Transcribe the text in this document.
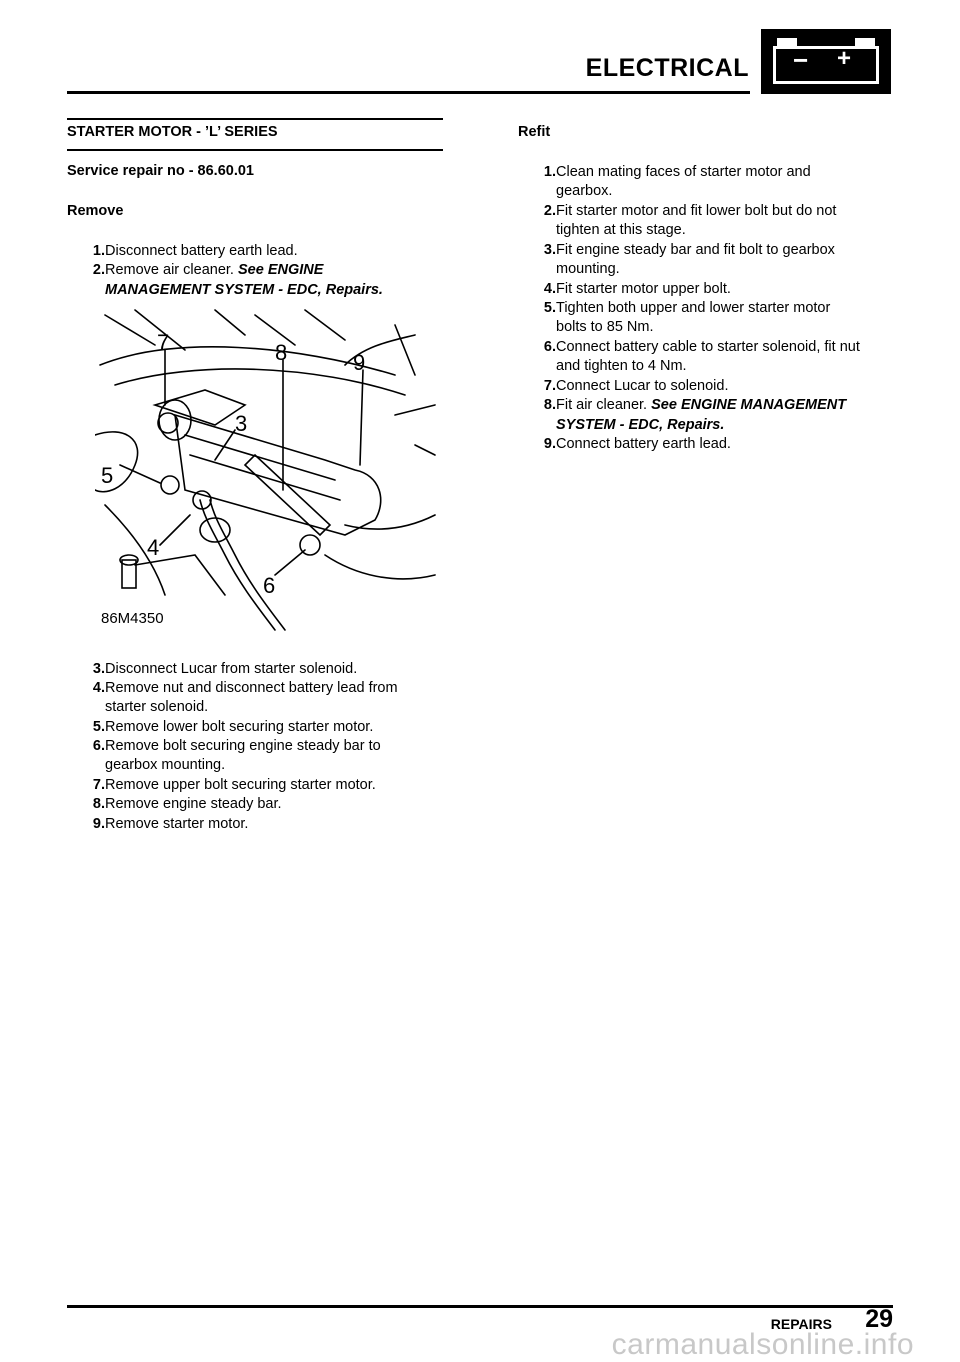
ELECTRICAL − +
STARTER MOTOR - ’L’ SERIES
Service repair no - 86.60.01
Remove
1. Disconnect battery earth lead.
2. Remove air cleaner. See ENGINE
MANAGEMENT SYSTEM - EDC, Repairs.
7	8	9
3
5
4
6
86M4350
3. Disconnect Lucar from starter solenoid.
4. Remove nut and disconnect battery lead from
starter solenoid.
5. Remove lower bolt securing starter motor.
6. Remove bolt securing engine steady bar to
gearbox mounting.
7. Remove upper bolt securing starter motor.
8. Remove engine steady bar.
9. Remove starter motor.
Refit
1. Clean mating faces of starter motor and
gearbox.
2. Fit starter motor and fit lower bolt but do not
tighten at this stage.
3. Fit engine steady bar and fit bolt to gearbox
mounting.
4. Fit starter motor upper bolt.
5. Tighten both upper and lower starter motor
bolts to 85 Nm.
6. Connect battery cable to starter solenoid, fit nut
and tighten to 4 Nm.
7. Connect Lucar to solenoid.
8. Fit air cleaner. See ENGINE MANAGEMENT
SYSTEM - EDC, Repairs.
9. Connect battery earth lead.
REPAIRS 29
carmanualsonline.info
